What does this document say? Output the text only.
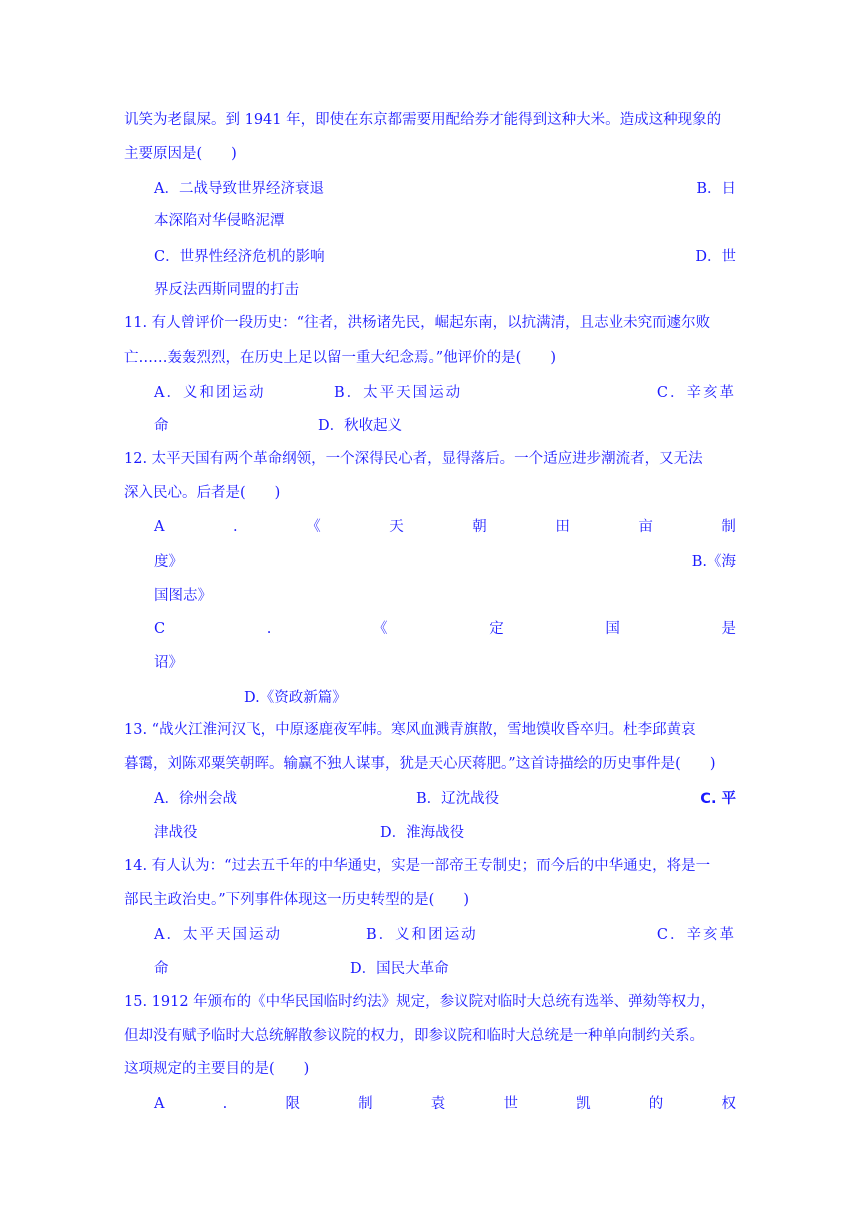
讥笑为老鼠屎。到 1941 年，即使在东京都需要用配给券才能得到这种大米。造成这种现象的
主要原因是(　　)
A．二战导致世界经济衰退	B．日
本深陷对华侵略泥潭
C．世界性经济危机的影响	D．世
界反法西斯同盟的打击
11. 有人曾评价一段历史：“往者，洪杨诸先民，崛起东南，以抗满清，且志业未究而遽尔败
亡……轰轰烈烈，在历史上足以留一重大纪念焉。”他评价的是(　　)
A．义和团运动	B．太平天国运动	C．辛亥革
命	D．秋收起义
12. 太平天国有两个革命纲领，一个深得民心者，显得落后。一个适应进步潮流者，又无法
深入民心。后者是(　　)
A	.	《	天	朝	田	亩	制
度》	B.《海
国图志》
C	.	《	定	国	是
诏》
D.《资政新篇》
13. “战火江淮河汉飞，中原逐鹿夜军帏。寒风血溅青旗散，雪地馍收昏卒归。杜李邱黄哀
暮霭，刘陈邓粟笑朝晖。输赢不独人谋事，犹是天心厌蒋肥。”这首诗描绘的历史事件是(　　)
A．徐州会战	B．辽沈战役	C. 平
津战役	D．淮海战役
14. 有人认为：“过去五千年的中华通史，实是一部帝王专制史；而今后的中华通史，将是一
部民主政治史。”下列事件体现这一历史转型的是(　　)
A．太平天国运动	B．义和团运动	C．辛亥革
命	D．国民大革命
15. 1912 年颁布的《中华民国临时约法》规定，参议院对临时大总统有选举、弹劾等权力，
但却没有赋予临时大总统解散参议院的权力，即参议院和临时大总统是一种单向制约关系。
这项规定的主要目的是(　　)
A	.	限	制	袁	世	凯	的	权
